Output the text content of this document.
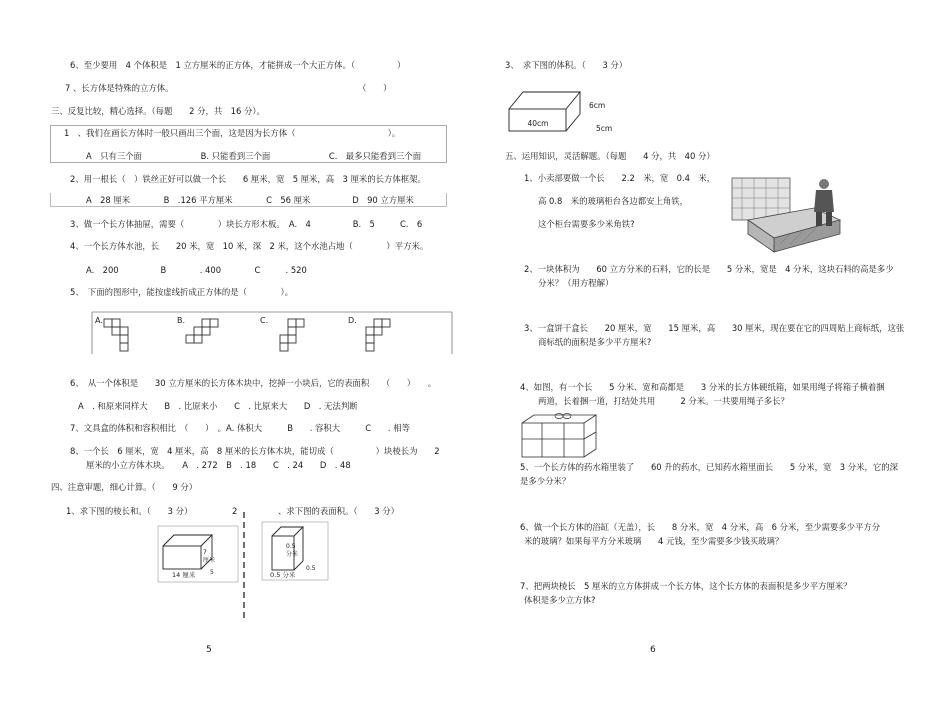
6、至少要用　4 个体积是　1 立方厘米的正方体，才能拼成一个大正方体。（　　　　　）
7 、长方体是特殊的立方体。	（　　）
三、反复比较，精心选择。（每题　　2 分，共　16 分）。
1　、我们在画长方体时一般只画出三个面，这是因为长方体（　　　　　　　　　　　）。
A　只有三个面　　　　　　　B. 只能看到三个面　　　　　　　C.　最多只能看到三个面
2、用一根长（　）铁丝正好可以做一个长　　6 厘米，宽　5 厘米，高　3 厘米的长方体框架。
A　28 厘米　　　　B　.126 平方厘米　　　　C　56 厘米　　　　　D　90 立方厘米
3、做一个长方体抽屉，需要（　　　　）块长方形木板。　A.　4　　　　　B.　5　　　C.　6
4、一个长方体水池，长　　20 米，宽　10 米，深　2 米，这个水池占地（　　　　）平方米。
A.　200　　　　　B　　　　. 400　　　　C　　　. 520
5、　下面的图形中，能按虚线折成正方体的是（　　　　）。
A.	B.	C.	D.
6、　从一个体积是　　30 立方厘米的长方体木块中，挖掉一小块后，它的表面积　　（　　）　　。
A　. 和原来同样大　　B　. 比原来小　　C　. 比原来大　　D　. 无法判断
7、文具盒的体积和容积相比　（　　）　。A. 体积大　　　B　　. 容积大　　　C　　. 相等
8、一个长　6 厘米，宽　4 厘米，高　8 厘米的长方体木块，能切成（　　　　　）块棱长为　　2
厘米的小立方体木块。　　A　. 272　B　. 18　　C　. 24　　D　. 48
四、注意审题，细心计算。（　　9 分）
1、求下图的棱长和。（　　3 分）	2	、求下图的表面积。（　　3 分）
7
厘米
14 厘米 5
0.5
分米
0.5 分米
0.5
5
3、　求下图的体积。（　　3 分）
40cm
6cm
5cm
五、运用知识，灵活解题。（每题　　4 分，共　40 分）
1、小卖部要做一个长　　2.2　米，宽　0.4　米，
高 0.8　米的玻璃柜台各边都安上角铁，
这个柜台需要多少米角铁?
2、一块体积为　　60 立方分米的石料，它的长是　　5 分米，宽是　4 分米，这块石料的高是多少
分米？（用方程解）
3、一盒饼干盒长　　20 厘米，宽　　15 厘米，高　　30 厘米，现在要在它的四周贴上商标纸，这张
商标纸的面积是多少平方厘米?
4、如图，有一个长　　5 分米、宽和高都是　　3 分米的长方体硬纸箱，如果用绳子将箱子横着捆
两道，长着捆一道，打结处共用　　　2 分米。一共要用绳子多长？
5、一个长方体的药水箱里装了　　60 升的药水，已知药水箱里面长　　5 分米，宽　3 分米，它的深
是多少分米？
6、做一个长方体的浴缸（无盖），长　　8 分米，宽　4 分米，高　6 分米，至少需要多少平方分
米的玻璃？如果每平方分米玻璃　　4 元钱，至少需要多少钱买玻璃？
7、把两块棱长　5 厘米的立方体拼成一个长方体，这个长方体的表面积是多少平方厘米？
体积是多少立方体?
6
